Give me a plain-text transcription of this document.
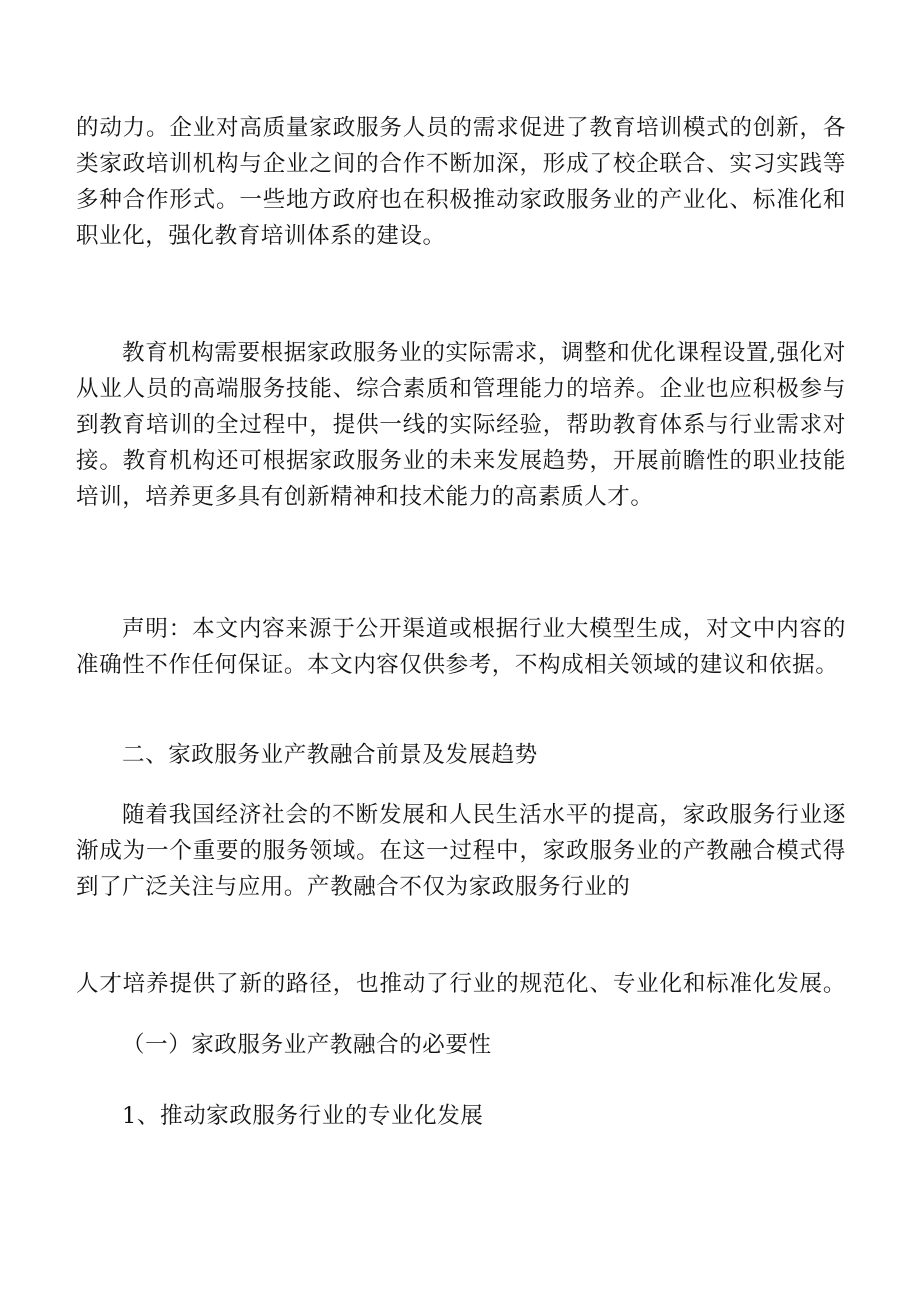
的动力。企业对高质量家政服务人员的需求促进了教育培训模式的创新，各类家政培训机构与企业之间的合作不断加深，形成了校企联合、实习实践等多种合作形式。一些地方政府也在积极推动家政服务业的产业化、标准化和职业化，强化教育培训体系的建设。

教育机构需要根据家政服务业的实际需求，调整和优化课程设置,强化对从业人员的高端服务技能、综合素质和管理能力的培养。企业也应积极参与到教育培训的全过程中，提供一线的实际经验，帮助教育体系与行业需求对接。教育机构还可根据家政服务业的未来发展趋势，开展前瞻性的职业技能培训，培养更多具有创新精神和技术能力的高素质人才。

声明：本文内容来源于公开渠道或根据行业大模型生成，对文中内容的准确性不作任何保证。本文内容仅供参考，不构成相关领域的建议和依据。

二、家政服务业产教融合前景及发展趋势

随着我国经济社会的不断发展和人民生活水平的提高，家政服务行业逐渐成为一个重要的服务领域。在这一过程中，家政服务业的产教融合模式得到了广泛关注与应用。产教融合不仅为家政服务行业的

人才培养提供了新的路径，也推动了行业的规范化、专业化和标准化发展。

（一）家政服务业产教融合的必要性
1、推动家政服务行业的专业化发展
